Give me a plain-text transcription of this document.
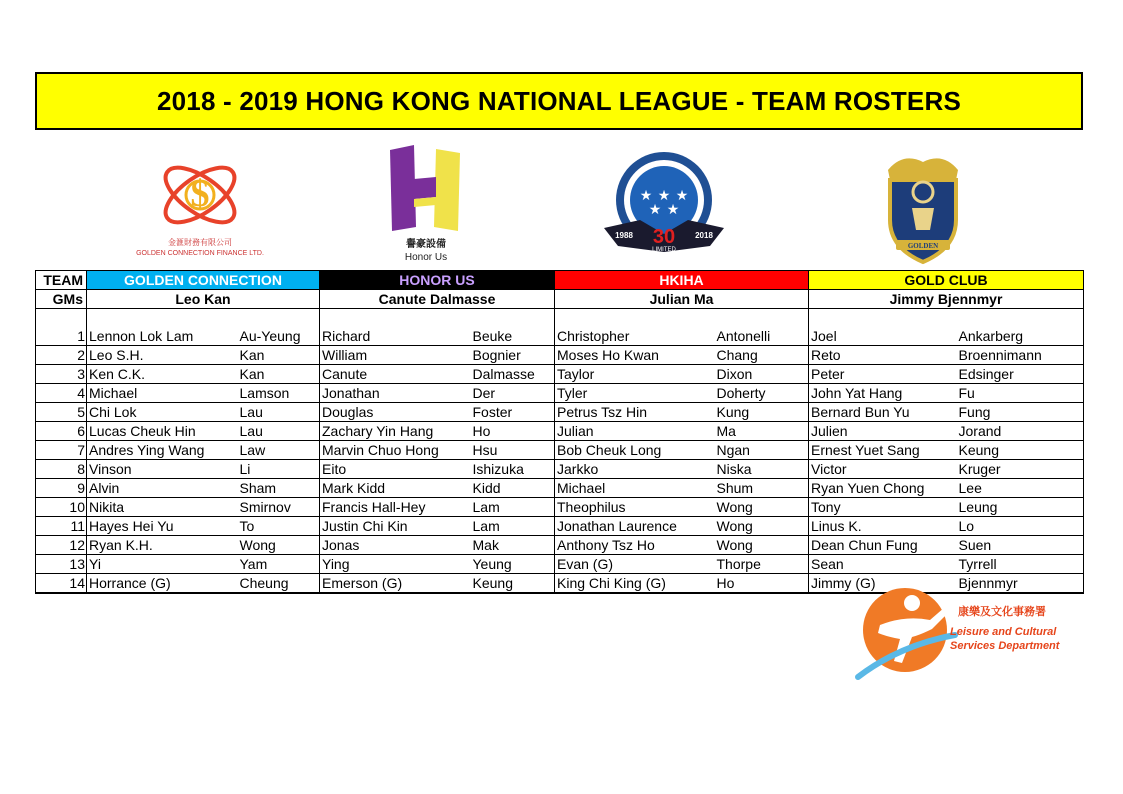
2018 - 2019 HONG KONG NATIONAL LEAGUE - TEAM ROSTERS
$
金滙財務有限公司
GOLDEN CONNECTION FINANCE LTD.
譽豪設備
Honor Us
★ ★ ★
★ ★
30
1988	2018
LIMITED	GOLDEN
TEAM	GOLDEN CONNECTION		HONOR US		HKIHA		GOLD CLUB	
GMs	Leo Kan		Canute Dalmasse		Julian Ma		Jimmy Bjennmyr	

1	Lennon Lok Lam	Au-Yeung	Richard	Beuke	Christopher	Antonelli	Joel	Ankarberg
2	Leo S.H.	Kan	William	Bognier	Moses Ho Kwan	Chang	Reto	Broennimann
3	Ken C.K.	Kan	Canute	Dalmasse	Taylor	Dixon	Peter	Edsinger
4	Michael	Lamson	Jonathan	Der	Tyler	Doherty	John Yat Hang	Fu
5	Chi Lok	Lau	Douglas	Foster	Petrus Tsz Hin	Kung	Bernard Bun Yu	Fung
6	Lucas Cheuk Hin	Lau	Zachary Yin Hang	Ho	Julian	Ma	Julien	Jorand
7	Andres Ying Wang	Law	Marvin Chuo Hong	Hsu	Bob Cheuk Long	Ngan	Ernest Yuet Sang	Keung
8	Vinson	Li	Eito	Ishizuka	Jarkko	Niska	Victor	Kruger
9	Alvin	Sham	Mark Kidd	Kidd	Michael	Shum	Ryan Yuen Chong	Lee
10	Nikita	Smirnov	Francis Hall-Hey	Lam	Theophilus	Wong	Tony	Leung
11	Hayes Hei Yu	To	Justin Chi Kin	Lam	Jonathan Laurence	Wong	Linus K.	Lo
12	Ryan K.H.	Wong	Jonas	Mak	Anthony Tsz Ho	Wong	Dean Chun Fung	Suen
13	Yi	Yam	Ying	Yeung	Evan (G)	Thorpe	Sean	Tyrrell
14	Horrance (G)	Cheung	Emerson (G)	Keung	King Chi King (G)	Ho	Jimmy (G)	Bjennmyr
康樂及文化事務署
Leisure and Cultural
Services Department
